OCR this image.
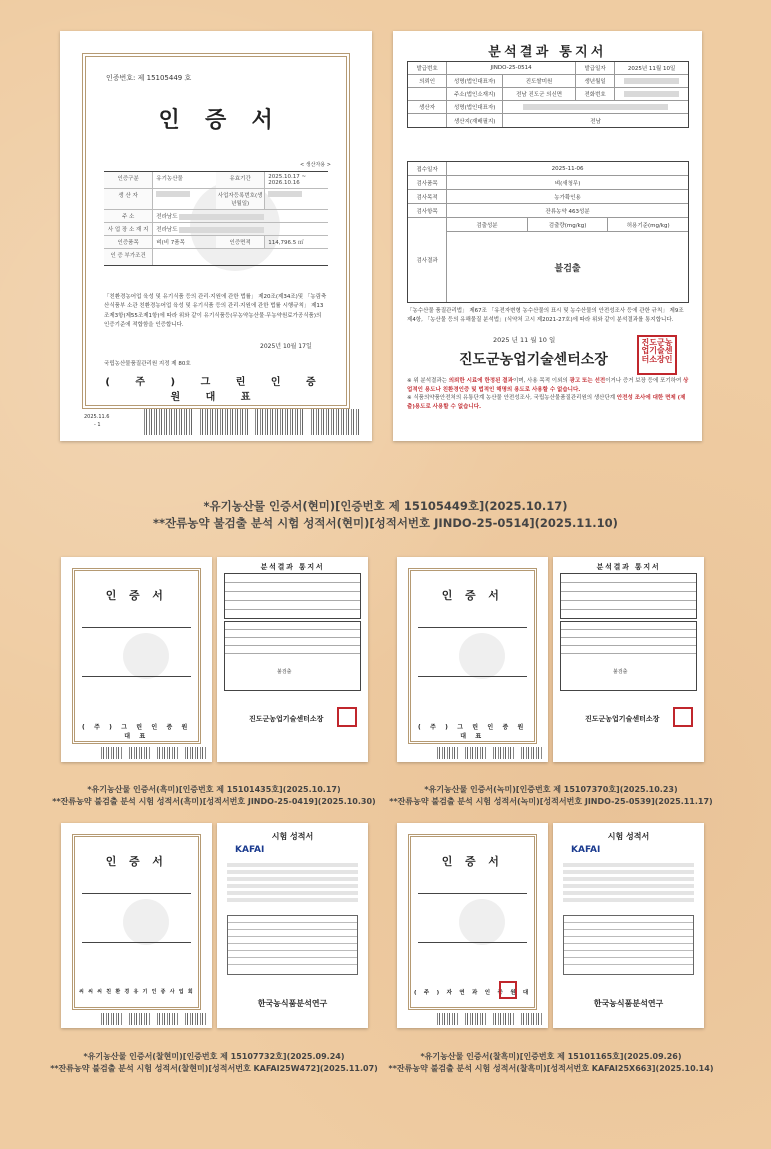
인증번호: 제 15105449 호
인 증 서
< 생산자용 >
인증구분	유기농산물	유효기간	2025.10.17 ~ 2026.10.16
생 산 자	사업자등록번호(생년월일)
주 소	전라남도
사 업 장 소 재 지	전라남도
인증품목	벼(비 7품목	인증면적	114,796.5 ㎡
인 증 부가조건
「친환경농어업 육성 및 유기식품 등의 관리·지원에 관한 법률」 제20조(제34조)및 「농림축산식품부 소관 친환경농어업 육성 및 유기식품 등의 관리·지원에 관한 법률 시행규칙」 제13조제3항(제55조제1항)에 따라 위와 같이 유기식품등(무농약농산물·무농약원료가공식품)의 인증기준에 적합함을 인증합니다.
2025년 10월 17일
국립농산물품질관리원 지정 제 80호
( 주 ) 그 린 인 증 원 대 표
2025.11.6
- 1
분석결과 통지서
발급번호	JINDO-25-0514	발급일자	2025년 11월 10일
의뢰인	성명(법인대표자)	진도쌀미원	생년월일
주소(법인소재지)	전남 진도군 의신면	전화번호
생산자	성명(법인대표자)
생산지(재배필지)	전남
접수일자	2025-11-06
검사품목	벼(새청무)
검사목적	농가확인용
검사항목	잔류농약 463성분
검사결과
검출성분	검출량(mg/kg)	허용기준(mg/kg)
불검출
「농수산물 품질관리법」 제67조 「유전자변형 농수산물의 표시 및 농수산물의 안전성조사 등에 관한 규칙」 제9조 제4항, 「농산물 등의 유해물질 분석법」(식약처 고시 제2021-27호)에 따라 위와 같이 분석결과를 통지합니다.
2025 년 11 월 10 일
진도군농업기술센터소장
진도군농업기술센터소장인
※ 위 분석결과는 의뢰한 시료에 한정된 결과이며, 사용 목적 이외의 광고 또는 선전이거나 증거 보장 등에 포기하여 상업적인 용도나 친환경인증 및 법적인 해명의 용도로 사용할 수 없습니다.
※ 식품의약품안전처의 유통단계 농산물 안전성조사, 국립농산물품질관리원의 생산단계 안전성 조사에 대한 면제 (제출)용도로 사용할 수 없습니다.
*유기농산물 인증서(현미)[인증번호 제 15105449호](2025.10.17)
**잔류농약 불검출 분석 시험 성적서(현미)[성적서번호 JINDO-25-0514](2025.11.10)
인 증 서
( 주 ) 그 린 인 증 원 대 표
분석결과 통지서
불검출
진도군농업기술센터소장
*유기농산물 인증서(흑미)[인증번호 제 15101435호](2025.10.17)
**잔류농약 불검출 분석 시험 성적서(흑미)[성적서번호 JINDO-25-0419](2025.10.30)
인 증 서
( 주 ) 그 린 인 증 원 대 표
분석결과 통지서
불검출
진도군농업기술센터소장
*유기농산물 인증서(녹미)[인증번호 제 15107370호](2025.10.23)
**잔류농약 불검출 분석 시험 성적서(녹미)[성적서번호 JINDO-25-0539](2025.11.17)
인 증 서
씨 씨 씨 친 환 경 유 기 인 증 사 업 회
시험 성적서
KAFAI
한국농식품분석연구
*유기농산물 인증서(찰현미)[인증번호 제 15107732호](2025.09.24)
**잔류농약 불검출 분석 시험 성적서(찰현미)[성적서번호 KAFAI25W472](2025.11.07)
인 증 서
( 주 ) 자 연 과 인 증 원 대
시험 성적서
KAFAI
한국농식품분석연구
*유기농산물 인증서(찰흑미)[인증번호 제 15101165호](2025.09.26)
**잔류농약 불검출 분석 시험 성적서(찰흑미)[성적서번호 KAFAI25X663](2025.10.14)
